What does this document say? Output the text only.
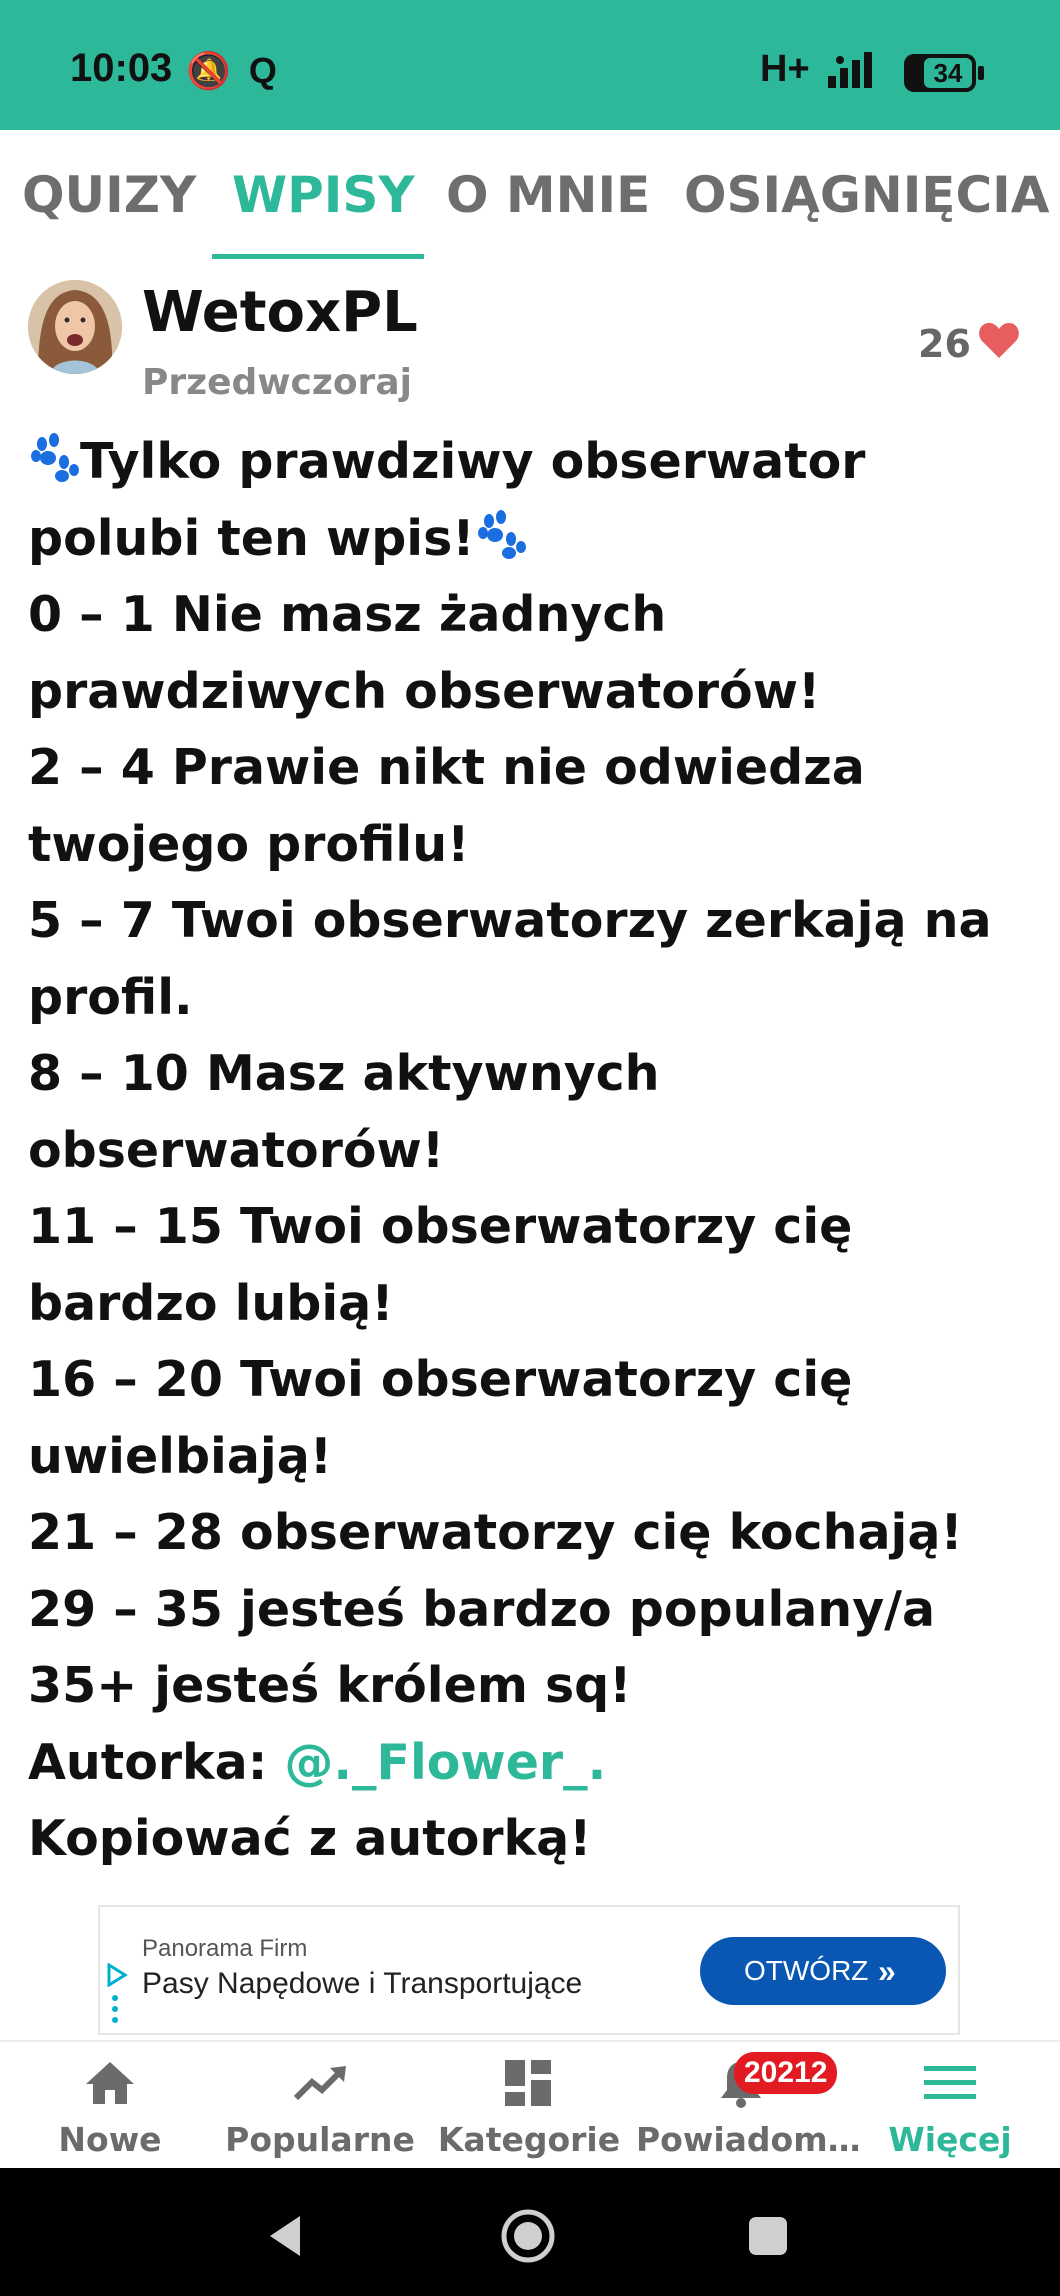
10:03 🔕 Q	H+	34
QUIZY WPISY O MNIE OSIĄGNIĘCIA
WetoxPL
Przedwczoraj
26
Tylko prawdziwy obserwator
polubi ten wpis!
0 – 1 Nie masz żadnych
prawdziwych obserwatorów!
2 – 4 Prawie nikt nie odwiedza
twojego profilu!
5 – 7 Twoi obserwatorzy zerkają na
profil.
8 – 10 Masz aktywnych
obserwatorów!
11 – 15 Twoi obserwatorzy cię
bardzo lubią!
16 – 20 Twoi obserwatorzy cię
uwielbiają!
21 – 28 obserwatorzy cię kochają!
29 – 35 jesteś bardzo populany/a
35+ jesteś królem sq!
Autorka: @._Flower_.
Kopiować z autorką!
Panorama Firm
Pasy Napędowe i Transportujące	OTWÓRZ »
Nowe	Popularne Kategorie
20212
Powiadom… Więcej
